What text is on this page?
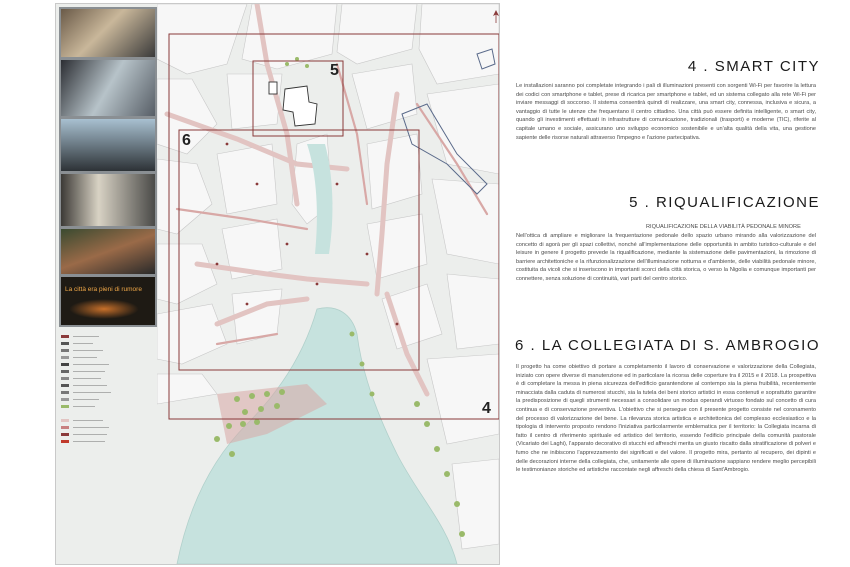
La città era pieni di rumore
5
6
4
4 . SMART CITY
Le installazioni saranno poi completate integrando i pali di illuminazioni presenti con sorgenti Wi-Fi per favorire la lettura dei codici con smartphone e tablet, prese di ricarica per smartphone e tablet, ed un sistema collegato alla rete Wi-Fi per inviare messaggi di soccorso. Il sistema consentirà quindi di realizzare, una smart city, connessa, inclusiva e sicura, a vantaggio di tutte le utenze che frequentano il centro cittadino. Una città può essere definita intelligente, o smart city, quando gli investimenti effettuati in infrastrutture di comunicazione, tradizionali (trasporti) e moderne (TIC), riferite al capitale umano e sociale, assicurano uno sviluppo economico sostenibile e un'alta qualità della vita, una gestione sapiente delle risorse naturali attraverso l'impegno e l'azione partecipativa.
5 . RIQUALIFICAZIONE
RIQUALIFICAZIONE DELLA VIABILITÀ PEDONALE MINORE
Nell'ottica di ampliare e migliorare la frequentazione pedonale dello spazio urbano mirando alla valorizzazione del concetto di agorà per gli spazi collettivi, nonché all'implementazione delle opportunità in ambito turistico-culturale e del leisure in genere il progetto prevede la riqualificazione, mediante la sistemazione delle pavimentazioni, la rimozione di barriere architettoniche e la rifunzionalizzazione dell'illuminazione notturna e d'ambiente, delle viabilità pedonale minore, costituita da vicoli che si inseriscono in importanti scorci della città storica, o verso la Nigolia e comunque importanti per connettere, senza soluzione di continuità, vari parti del centro storico.
6 . LA COLLEGIATA DI S. AMBROGIO
Il progetto ha come obiettivo di portare a completamento il lavoro di conservazione e valorizzazione della Collegiata, iniziato con opere diverse di manutenzione ed in particolare la ricorsa delle coperture tra il 2015 e il 2018. La prospettiva è di completare la messa in piena sicurezza dell'edificio garantendone al contempo sia la piena fruibilità, recentemente minacciata dalla caduta di numerosi stucchi, sia la tutela dei beni storico artistici in essa contenuti e soprattutto garantire la predisposizione di quegli strumenti necessari a consolidare un modus operandi virtuoso fondato sul concetto di cura continua e di conservazione preventiva. L'obiettivo che si persegue con il presente progetto consiste nel coronamento del processo di valorizzazione del bene. La rilevanza storica artistica e architettonica del complesso ecclesiastico e la tipologia di intervento proposto rendono l'iniziativa particolarmente emblematica per il territorio: la Collegiata incarna di fatto il centro di riferimento spirituale ed artistico del territorio, essendo l'edificio principale della comunità pastorale (Vicariato dei Laghi), l'apparato decorativo di stucchi ed affreschi merita un giusto riscatto dalla stratificazione di polveri e fumo che ne inibiscono l'apprezzamento dei significati e del valore. Il progetto mira, pertanto al recupero, dei dipinti e delle decorazioni interne della collegiata, che, unitamente alle opere di illuminazione sappiano rendere meglio percepibili le testimonianze storiche ed artistiche raccontate negli affreschi della chiesa di Sant'Ambrogio.
